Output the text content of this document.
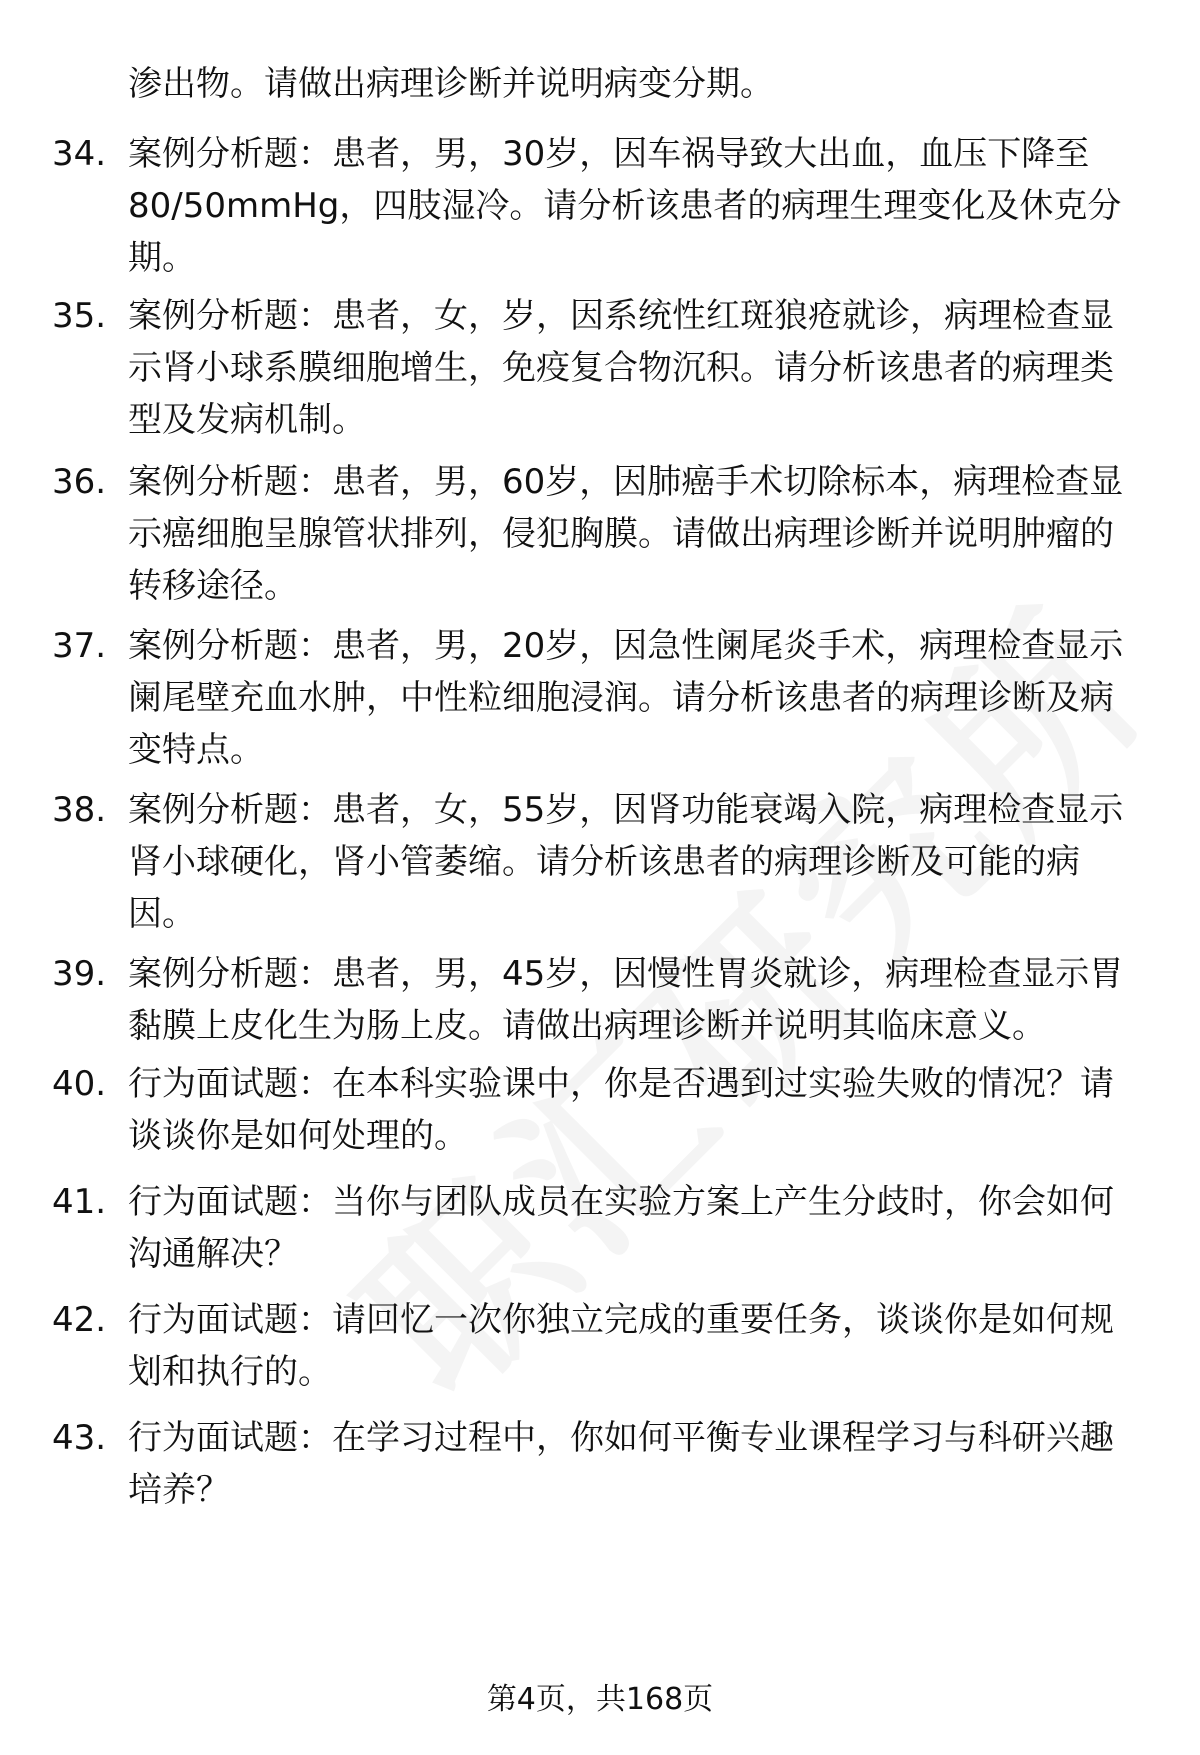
渗出物。请做出病理诊断并说明病变分期。
34. 案例分析题：患者，男，30岁，因车祸导致大出血，血压下降至80/50mmHg，四肢湿冷。请分析该患者的病理生理变化及休克分期。
35. 案例分析题：患者，女，岁，因系统性红斑狼疮就诊，病理检查显示肾小球系膜细胞增生，免疫复合物沉积。请分析该患者的病理类型及发病机制。
36. 案例分析题：患者，男，60岁，因肺癌手术切除标本，病理检查显示癌细胞呈腺管状排列，侵犯胸膜。请做出病理诊断并说明肿瘤的转移途径。
37. 案例分析题：患者，男，20岁，因急性阑尾炎手术，病理检查显示阑尾壁充血水肿，中性粒细胞浸润。请分析该患者的病理诊断及病变特点。
38. 案例分析题：患者，女，55岁，因肾功能衰竭入院，病理检查显示肾小球硬化，肾小管萎缩。请分析该患者的病理诊断及可能的病因。
39. 案例分析题：患者，男，45岁，因慢性胃炎就诊，病理检查显示胃黏膜上皮化生为肠上皮。请做出病理诊断并说明其临床意义。
40. 行为面试题：在本科实验课中，你是否遇到过实验失败的情况？请谈谈你是如何处理的。
41. 行为面试题：当你与团队成员在实验方案上产生分歧时，你会如何沟通解决？
42. 行为面试题：请回忆一次你独立完成的重要任务，谈谈你是如何规划和执行的。
43. 行为面试题：在学习过程中，你如何平衡专业课程学习与科研兴趣培养？
第4页，共168页
